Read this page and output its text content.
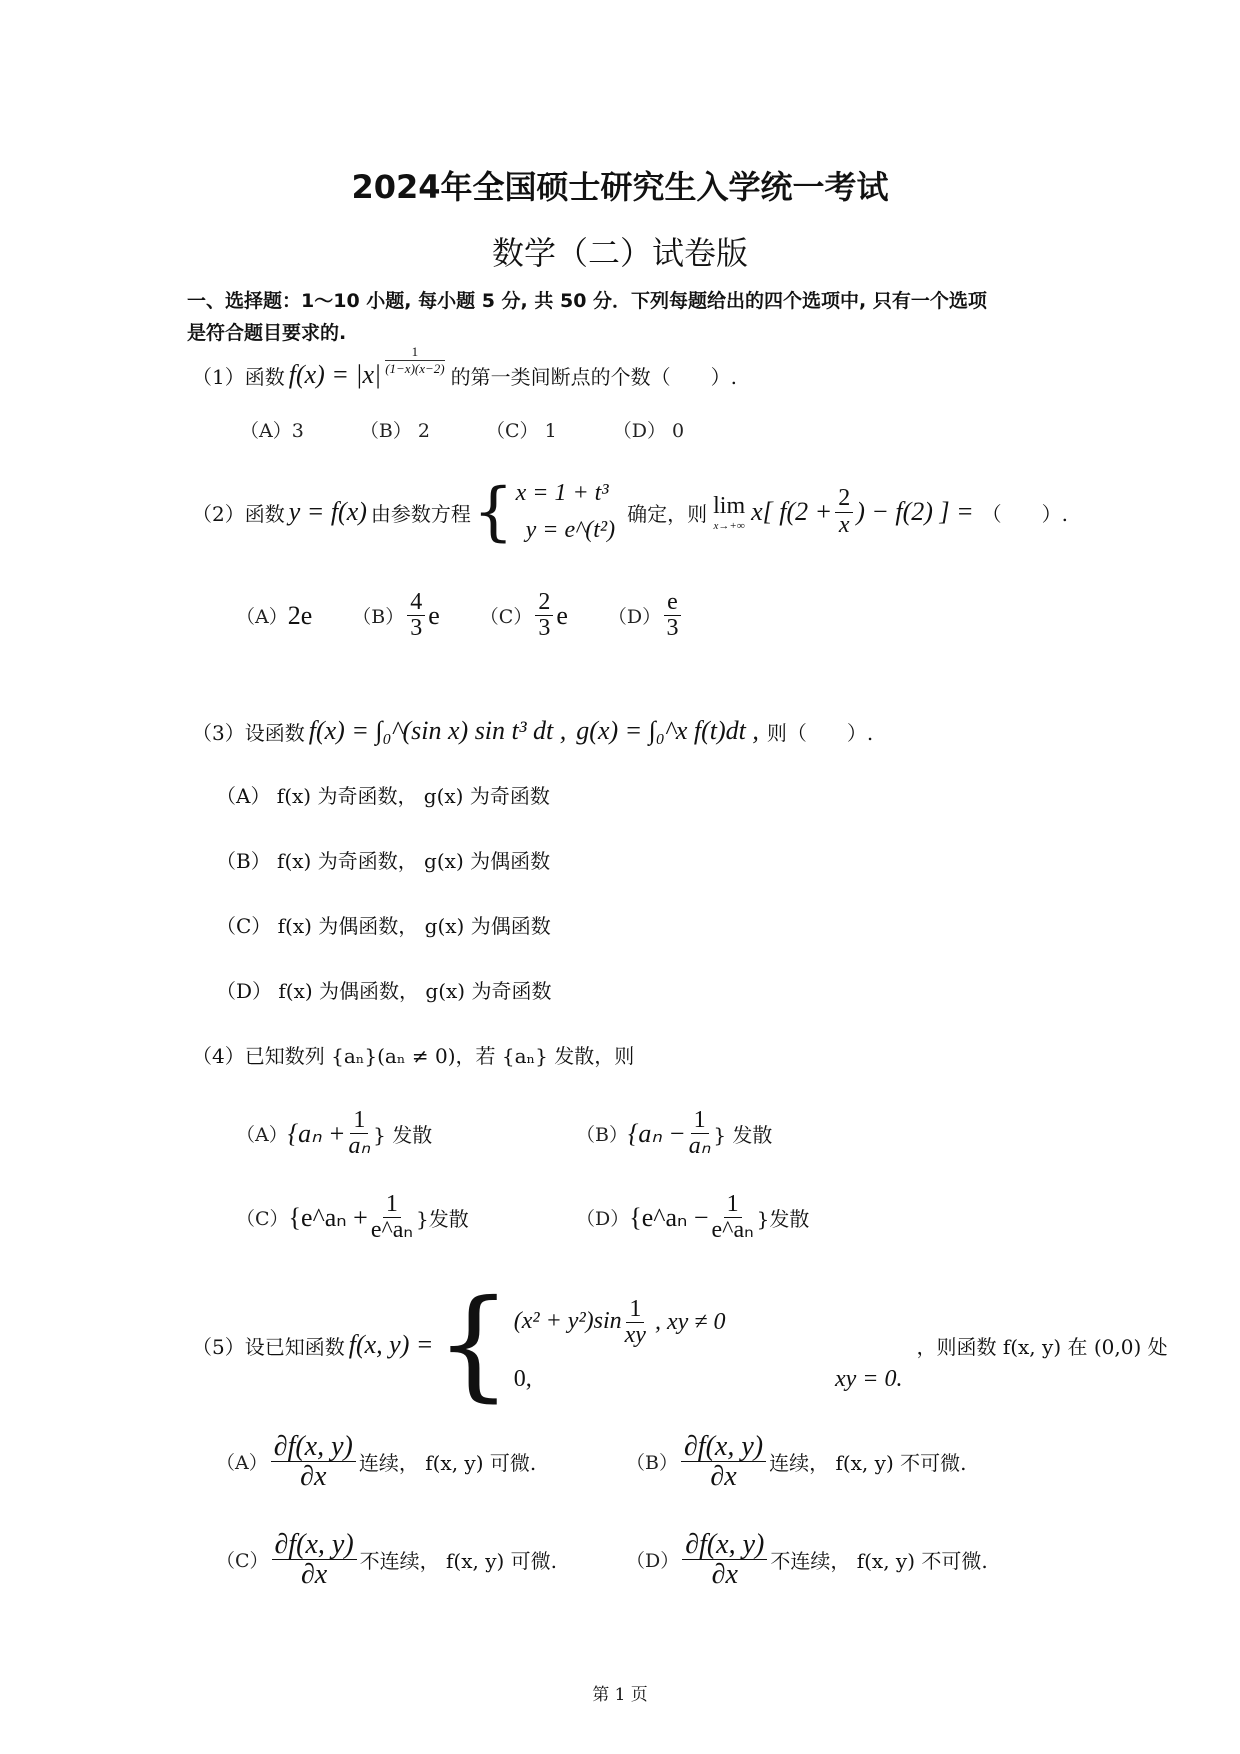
2024年全国硕士研究生入学统一考试
数学（二）试卷版
一、选择题：1～10 小题, 每小题 5 分, 共 50 分．下列每题给出的四个选项中, 只有一个选项
是符合题目要求的.
（1） 函数 $f(x) = |x| \frac{1}{(1-x)(x-2)}$ 的第一类间断点的个数（　　）.
（A）3	（B） 2	（C） 1	（D） 0
（2） 函数 y = f(x) 由参数方程 { x = 1 + t³
y = e^(t²)
确定，则 lim
x→+∞ x[ $f(2 + \frac{2}{x}$ ) − f(2) ] = （　　）.
（A） 2e $(B) \frac{4}{3}$ e $(C) \frac{2}{3}$ e $(D) \frac{e}{3}$
（3） 设函数 f(x) = ∫₀^(sin x) sin t³ dt , g(x) = ∫₀^x f(t)dt , 则（　　）.
（A） f(x) 为奇函数， g(x) 为奇函数
（B） f(x) 为奇函数， g(x) 为偶函数
（C） f(x) 为偶函数， g(x) 为偶函数
（D） f(x) 为偶函数， g(x) 为奇函数
（4） 已知数列 {aₙ}(aₙ ≠ 0)，若 {aₙ} 发散，则
（A） {$a_n + \frac{1}{\text{aₙ}}$ } 发散	（B） {$a_n - \frac{1}{\text{aₙ}}$ } 发散
（C） {e^aₙ + $\frac{1}{\text{e\textasciicircum{}aₙ}}$ }发散	（D） {e^aₙ − $\frac{1}{\text{e\textasciicircum{}aₙ}}$ }发散
（5） 设已知函数 f(x, y) = { $(x^2 + y^2)\sin \frac{1}{xy}$ , xy ≠ 0
0,	xy = 0.
，则函数 f(x, y) 在 (0,0) 处
$(A) \frac{\partial f(x, y)}{\partial x}$ 连续， f(x, y) 可微.	$(B) \frac{\partial f(x, y)}{\partial x}$ 连续， f(x, y) 不可微.
$(C) \frac{\partial f(x, y)}{\partial x}$ 不连续， f(x, y) 可微.	$(D) \frac{\partial f(x, y)}{\partial x}$ 不连续， f(x, y) 不可微.
第 1 页
